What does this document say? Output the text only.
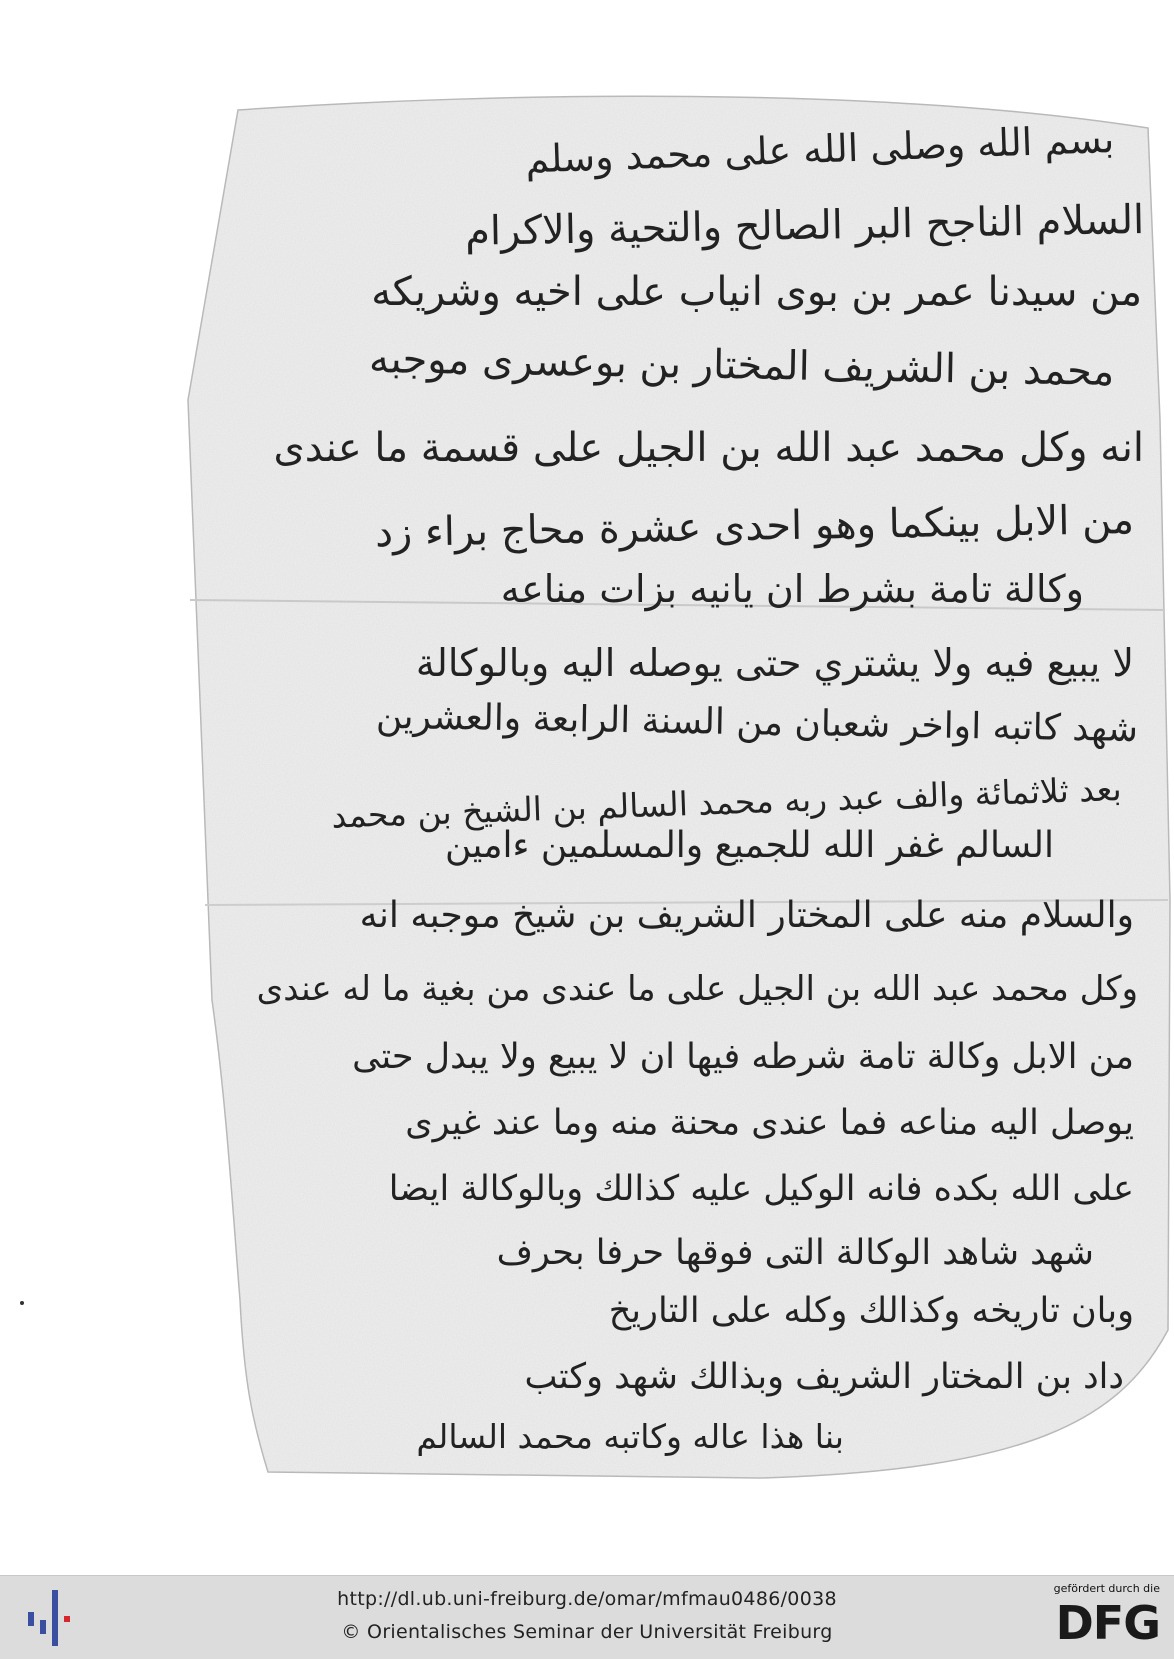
بسم الله وصلى الله على محمد وسلم
السلام الناجح البر الصالح والتحية والاكرام
من سيدنا عمر بن بوى انياب على اخيه وشريكه
محمد بن الشريف المختار بن بوعسرى موجبه
انه وكل محمد عبد الله بن الجيل على قسمة ما عندى
من الابل بينكما وهو احدى عشرة محاج براء زد
وكالة تامة بشرط ان يانيه بزات مناعه
لا يبيع فيه ولا يشتري حتى يوصله اليه وبالوكالة
شهد كاتبه اواخر شعبان من السنة الرابعة والعشرين
بعد ثلاثمائة والف عبد ربه محمد السالم بن الشيخ بن محمد
السالم غفر الله للجميع والمسلمين ءامين
والسلام منه على المختار الشريف بن شيخ موجبه انه
وكل محمد عبد الله بن الجيل على ما عندى من بغية ما له عندى
من الابل وكالة تامة شرطه فيها ان لا يبيع ولا يبدل حتى
يوصل اليه مناعه فما عندى محنة منه وما عند غيرى
على الله بكده فانه الوكيل عليه كذالك وبالوكالة ايضا
شهد شاهد الوكالة التى فوقها حرفا بحرف
وبان تاريخه وكذالك وكله على التاريخ
داد بن المختار الشريف وبذالك شهد وكتب
بنا هذا عاله وكاتبه محمد السالم
http://dl.ub.uni-freiburg.de/omar/mfmau0486/0038
© Orientalisches Seminar der Universität Freiburg
gefördert durch die
DFG
